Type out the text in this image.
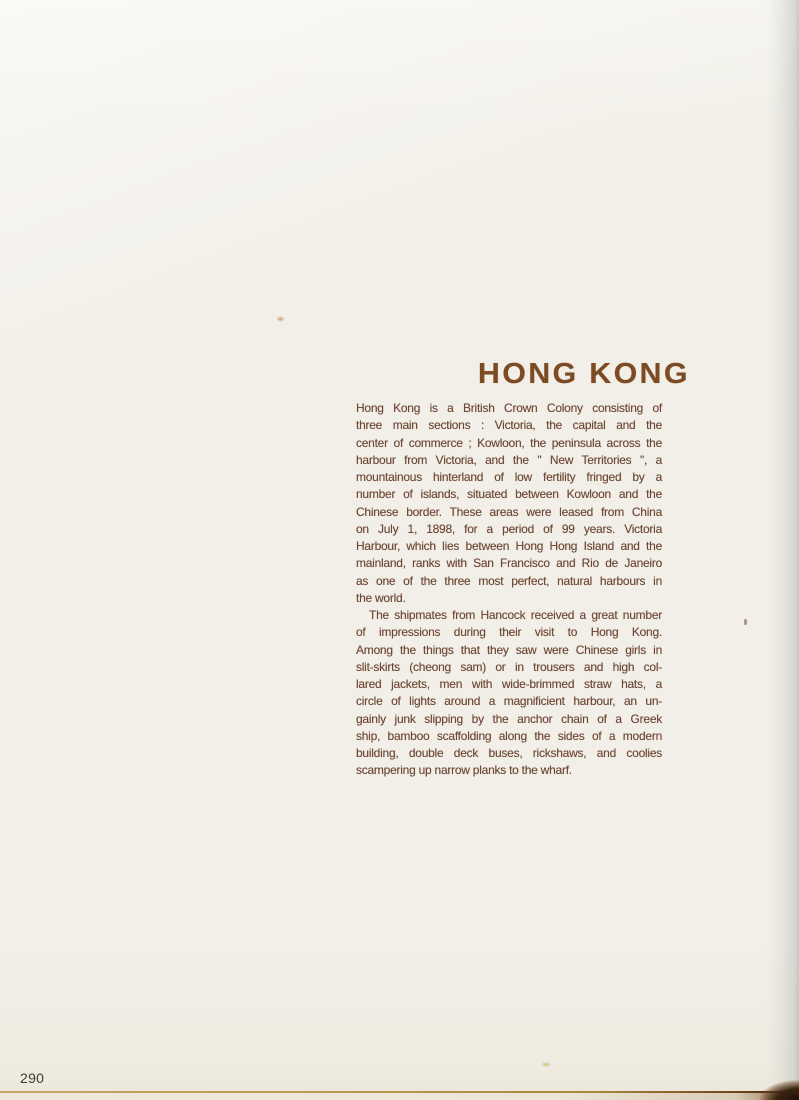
HONG KONG
Hong Kong is a British Crown Colony consisting of
three main sections : Victoria, the capital and the
center of commerce ; Kowloon, the peninsula across the
harbour from Victoria, and the " New Territories ", a
mountainous hinterland of low fertility fringed by a
number of islands, situated between Kowloon and the
Chinese border. These areas were leased from China
on July 1, 1898, for a period of 99 years. Victoria
Harbour, which lies between Hong Hong Island and the
mainland, ranks with San Francisco and Rio de Janeiro
as one of the three most perfect, natural harbours in
the world.
The shipmates from Hancock received a great number
of impressions during their visit to Hong Kong.
Among the things that they saw were Chinese girls in
slit-skirts (cheong sam) or in trousers and high col-
lared jackets, men with wide-brimmed straw hats, a
circle of lights around a magnificient harbour, an un-
gainly junk slipping by the anchor chain of a Greek
ship, bamboo scaffolding along the sides of a modern
building, double deck buses, rickshaws, and coolies
scampering up narrow planks to the wharf.
290
